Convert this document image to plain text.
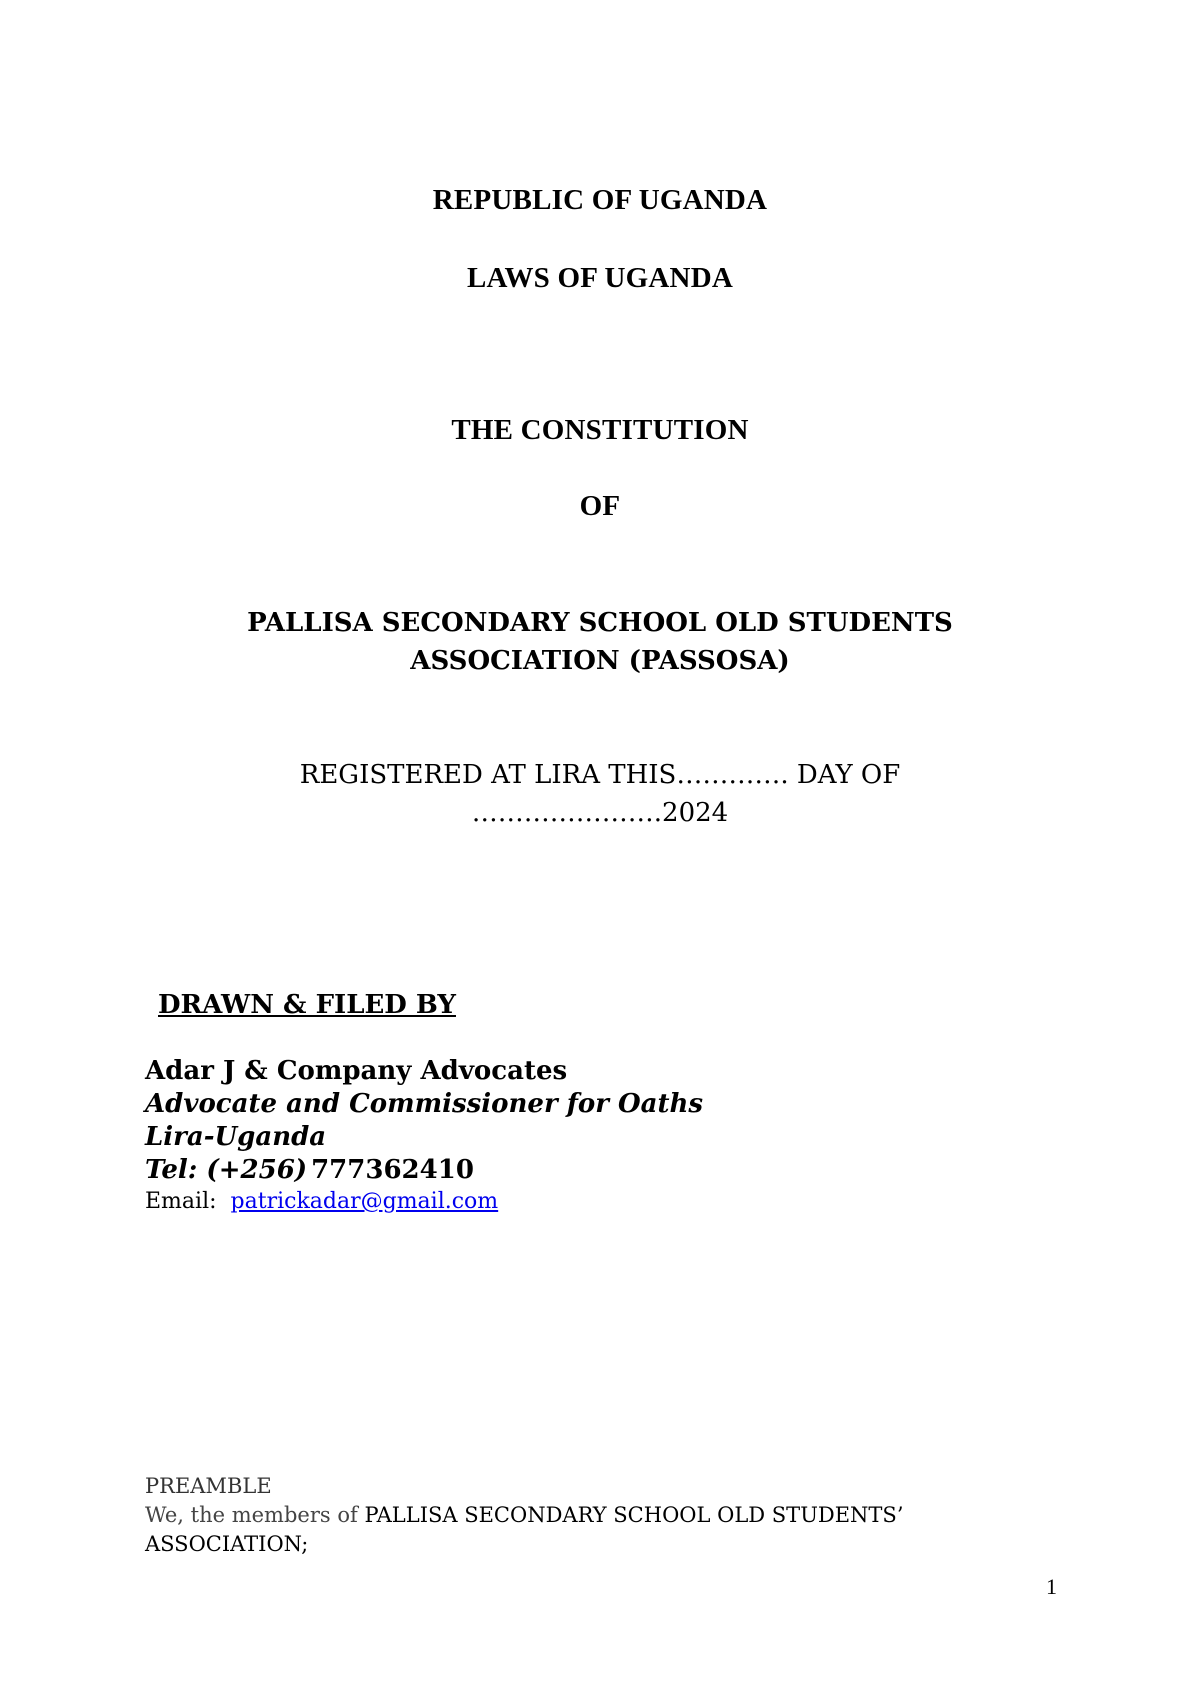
REPUBLIC OF UGANDA
LAWS OF UGANDA
THE CONSTITUTION
OF
PALLISA SECONDARY SCHOOL OLD STUDENTS
ASSOCIATION (PASSOSA)
REGISTERED AT LIRA THIS…………. DAY OF
………………….2024
DRAWN & FILED BY
Adar J & Company Advocates
Advocate and Commissioner for Oaths
Lira-Uganda
Tel: (+256) 777362410
Email: patrickadar@gmail.com
PREAMBLE
We, the members of PALLISA SECONDARY SCHOOL OLD STUDENTS’
ASSOCIATION;
1
